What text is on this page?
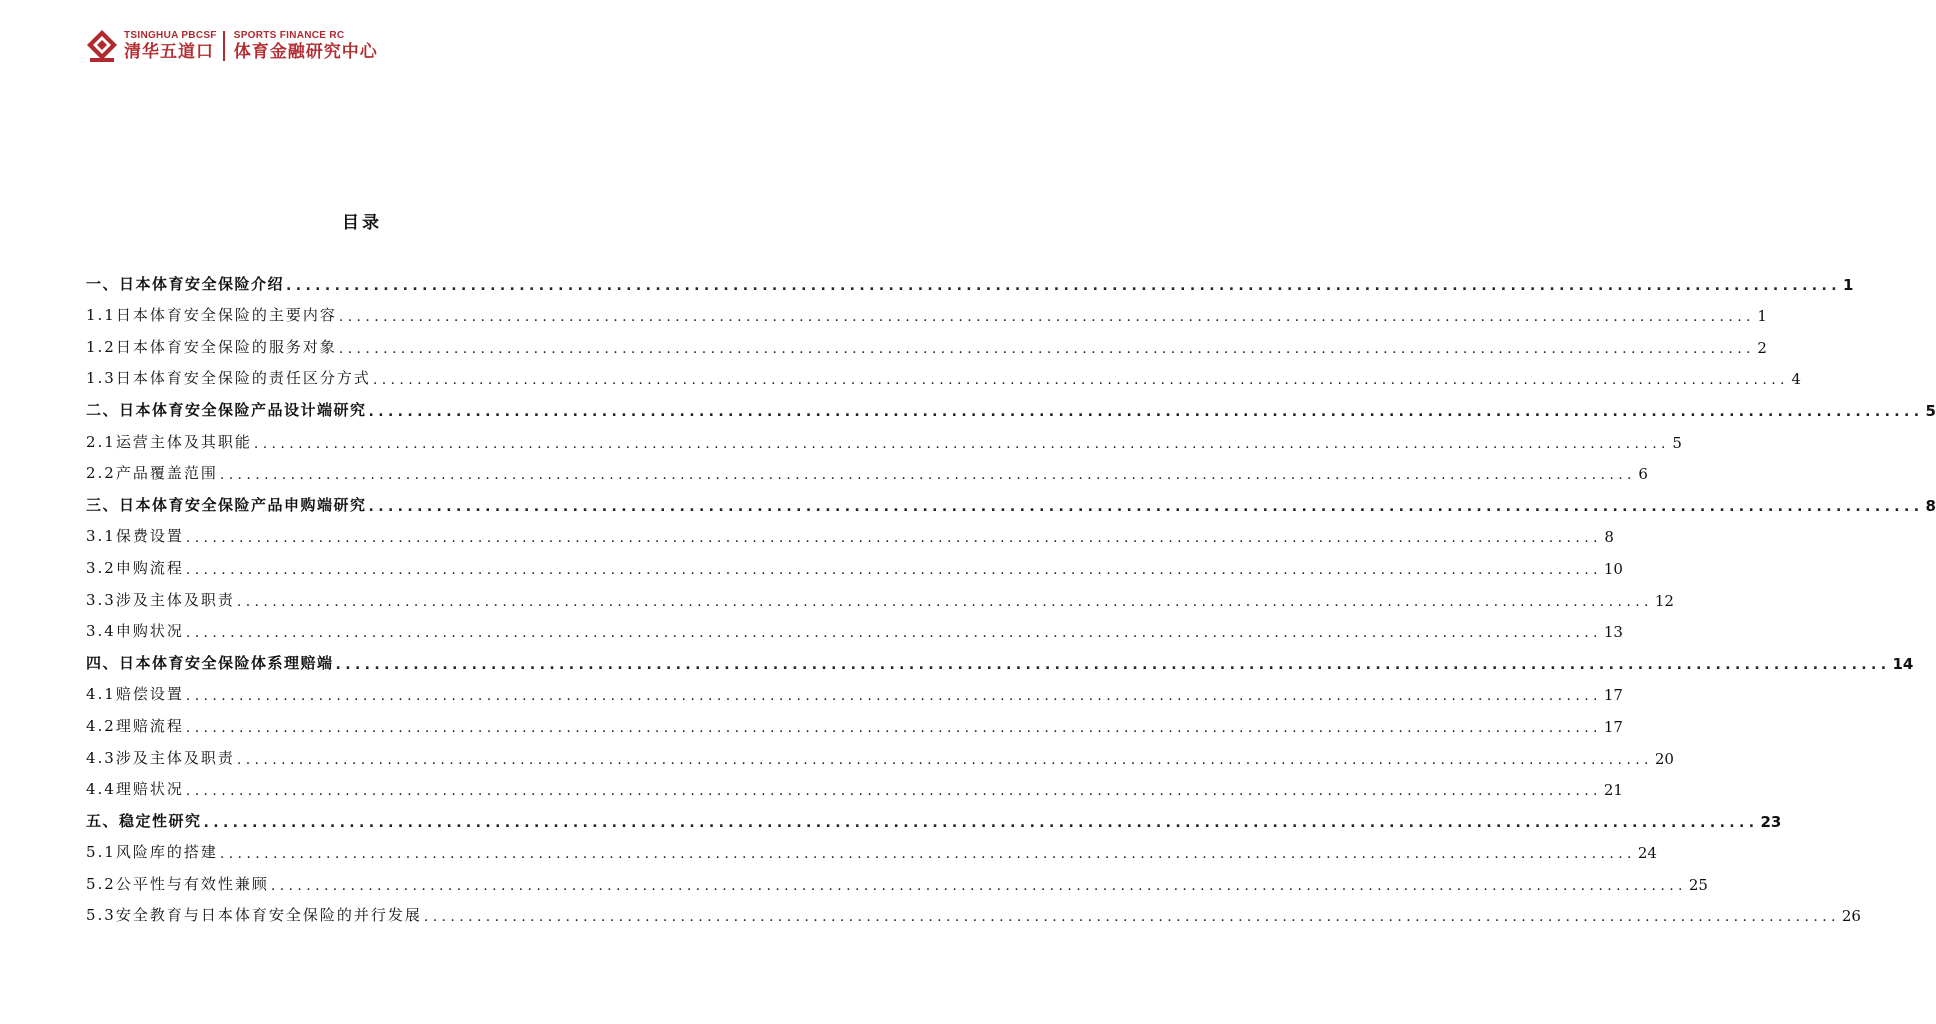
TSINGHUA PBCSF
清华五道口
SPORTS FINANCE RC
体育金融研究中心
目录
一、日本体育安全保险介绍 ................................................................................................................................................................ 1
1.1日本体育安全保险的主要内容 ................................................................................................................................................................ 1
1.2日本体育安全保险的服务对象 ................................................................................................................................................................ 2
1.3日本体育安全保险的责任区分方式 ................................................................................................................................................................ 4
二、日本体育安全保险产品设计端研究 ................................................................................................................................................................ 5
2.1运营主体及其职能 ................................................................................................................................................................ 5
2.2产品覆盖范围 ................................................................................................................................................................ 6
三、日本体育安全保险产品申购端研究 ................................................................................................................................................................ 8
3.1保费设置 ................................................................................................................................................................ 8
3.2申购流程 ................................................................................................................................................................ 10
3.3涉及主体及职责 ................................................................................................................................................................ 12
3.4申购状况 ................................................................................................................................................................ 13
四、日本体育安全保险体系理赔端 ................................................................................................................................................................ 14
4.1赔偿设置 ................................................................................................................................................................ 17
4.2理赔流程 ................................................................................................................................................................ 17
4.3涉及主体及职责 ................................................................................................................................................................ 20
4.4理赔状况 ................................................................................................................................................................ 21
五、稳定性研究 ................................................................................................................................................................ 23
5.1风险库的搭建 ................................................................................................................................................................ 24
5.2公平性与有效性兼顾 ................................................................................................................................................................ 25
5.3安全教育与日本体育安全保险的并行发展 ................................................................................................................................................................ 26
